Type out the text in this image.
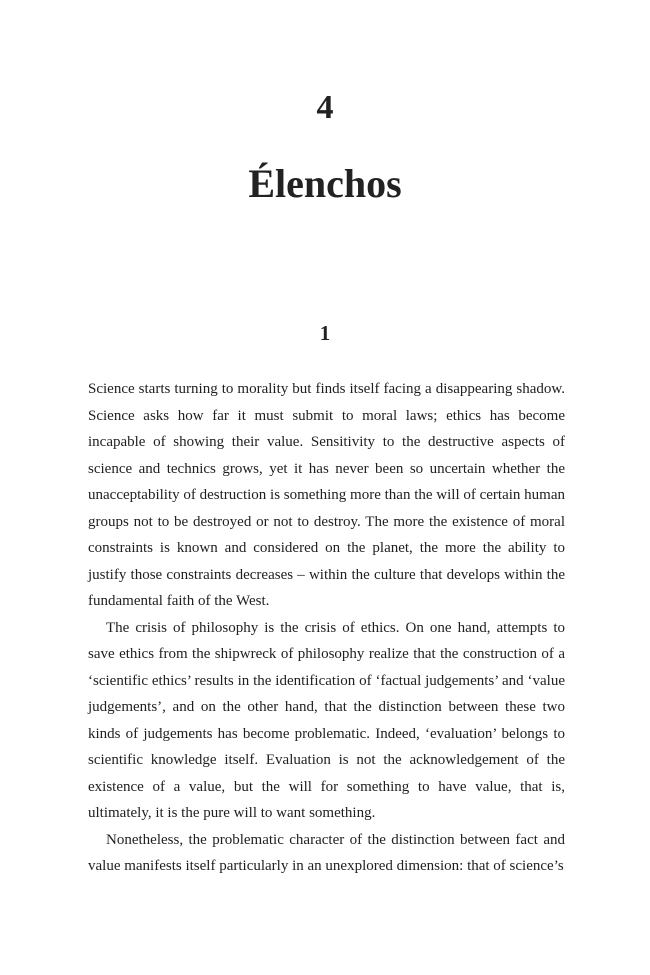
4
Élenchos
1

Science starts turning to morality but finds itself facing a disappearing shadow. Science asks how far it must submit to moral laws; ethics has become incapable of showing their value. Sensitivity to the destructive aspects of science and technics grows, yet it has never been so uncertain whether the unacceptability of destruction is something more than the will of certain human groups not to be destroyed or not to destroy. The more the existence of moral constraints is known and considered on the planet, the more the ability to justify those constraints decreases – within the culture that develops within the fundamental faith of the West.

The crisis of philosophy is the crisis of ethics. On one hand, attempts to save ethics from the shipwreck of philosophy realize that the construction of a ‘scientific ethics’ results in the identification of ‘factual judgements’ and ‘value judgements’, and on the other hand, that the distinction between these two kinds of judgements has become problematic. Indeed, ‘evaluation’ belongs to scientific knowledge itself. Evaluation is not the acknowledgement of the existence of a value, but the will for something to have value, that is, ultimately, it is the pure will to want something.

Nonetheless, the problematic character of the distinction between fact and value manifests itself particularly in an unexplored dimension: that of science’s
